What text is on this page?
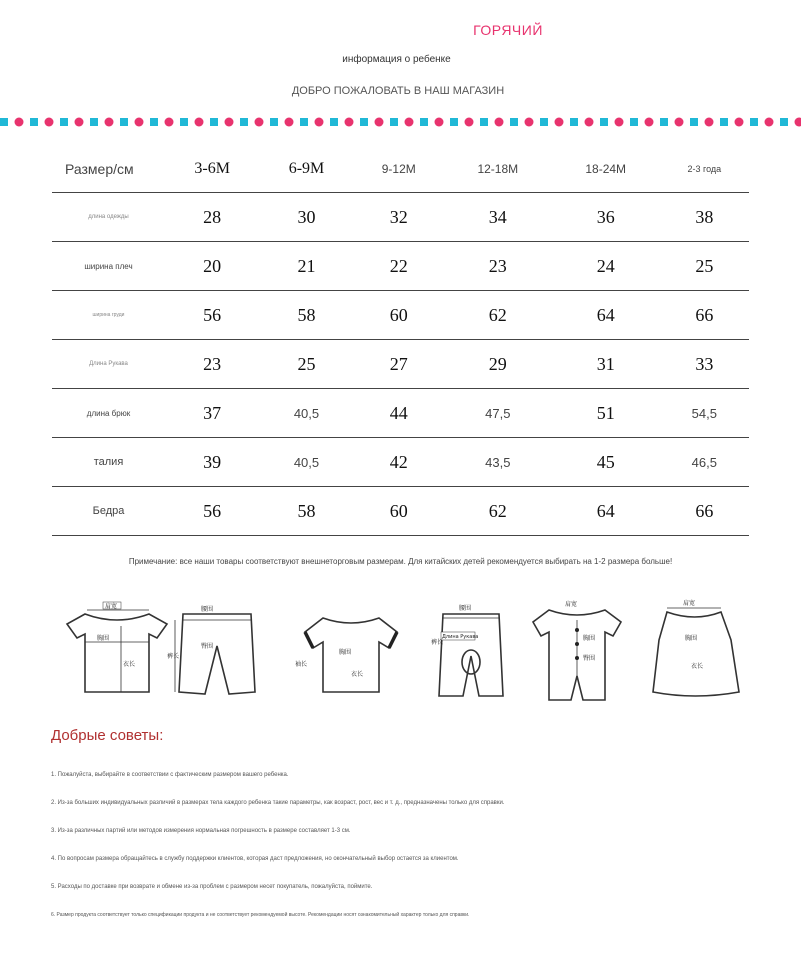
ГОРЯЧИЙ
информация о ребенке
ДОБРО ПОЖАЛОВАТЬ В НАШ МАГАЗИН
Размер/см	3-6M	6-9M	9-12M	12-18M	18-24M	2-3 года
длина одежды	28	30	32	34	36	38
ширина плеч	20	21	22	23	24	25
ширина груди	56	58	60	62	64	66
Длина Рукава	23	25	27	29	31	33
длина брюк	37	40,5	44	47,5	51	54,5
талия	39	40,5	42	43,5	45	46,5
Бедра	56	58	60	62	64	66
Примечание: все наши товары соответствуют внешнеторговым размерам. Для китайских детей рекомендуется выбирать на 1-2 размера больше!
肩宽
胸围
衣长
腰围
臀围
裤长
胸围
衣长
袖长
腰围
Длина Рукава
裤长
肩宽
胸围
臀围
肩宽
胸围
衣长
Добрые советы:
1. Пожалуйста, выбирайте в соответствии с фактическим размером вашего ребенка.
2. Из-за больших индивидуальных различий в размерах тела каждого ребенка такие параметры, как возраст, рост, вес и т. д., предназначены только для справки.
3. Из-за различных партий или методов измерения нормальная погрешность в размере составляет 1-3 см.
4. По вопросам размера обращайтесь в службу поддержки клиентов, которая даст предложения, но окончательный выбор остается за клиентом.
5. Расходы по доставке при возврате и обмене из-за проблем с размером несет покупатель, пожалуйста, поймите.
6. Размер продукта соответствует только спецификации продукта и не соответствует рекомендуемой высоте. Рекомендации носят ознакомительный характер только для справки.
